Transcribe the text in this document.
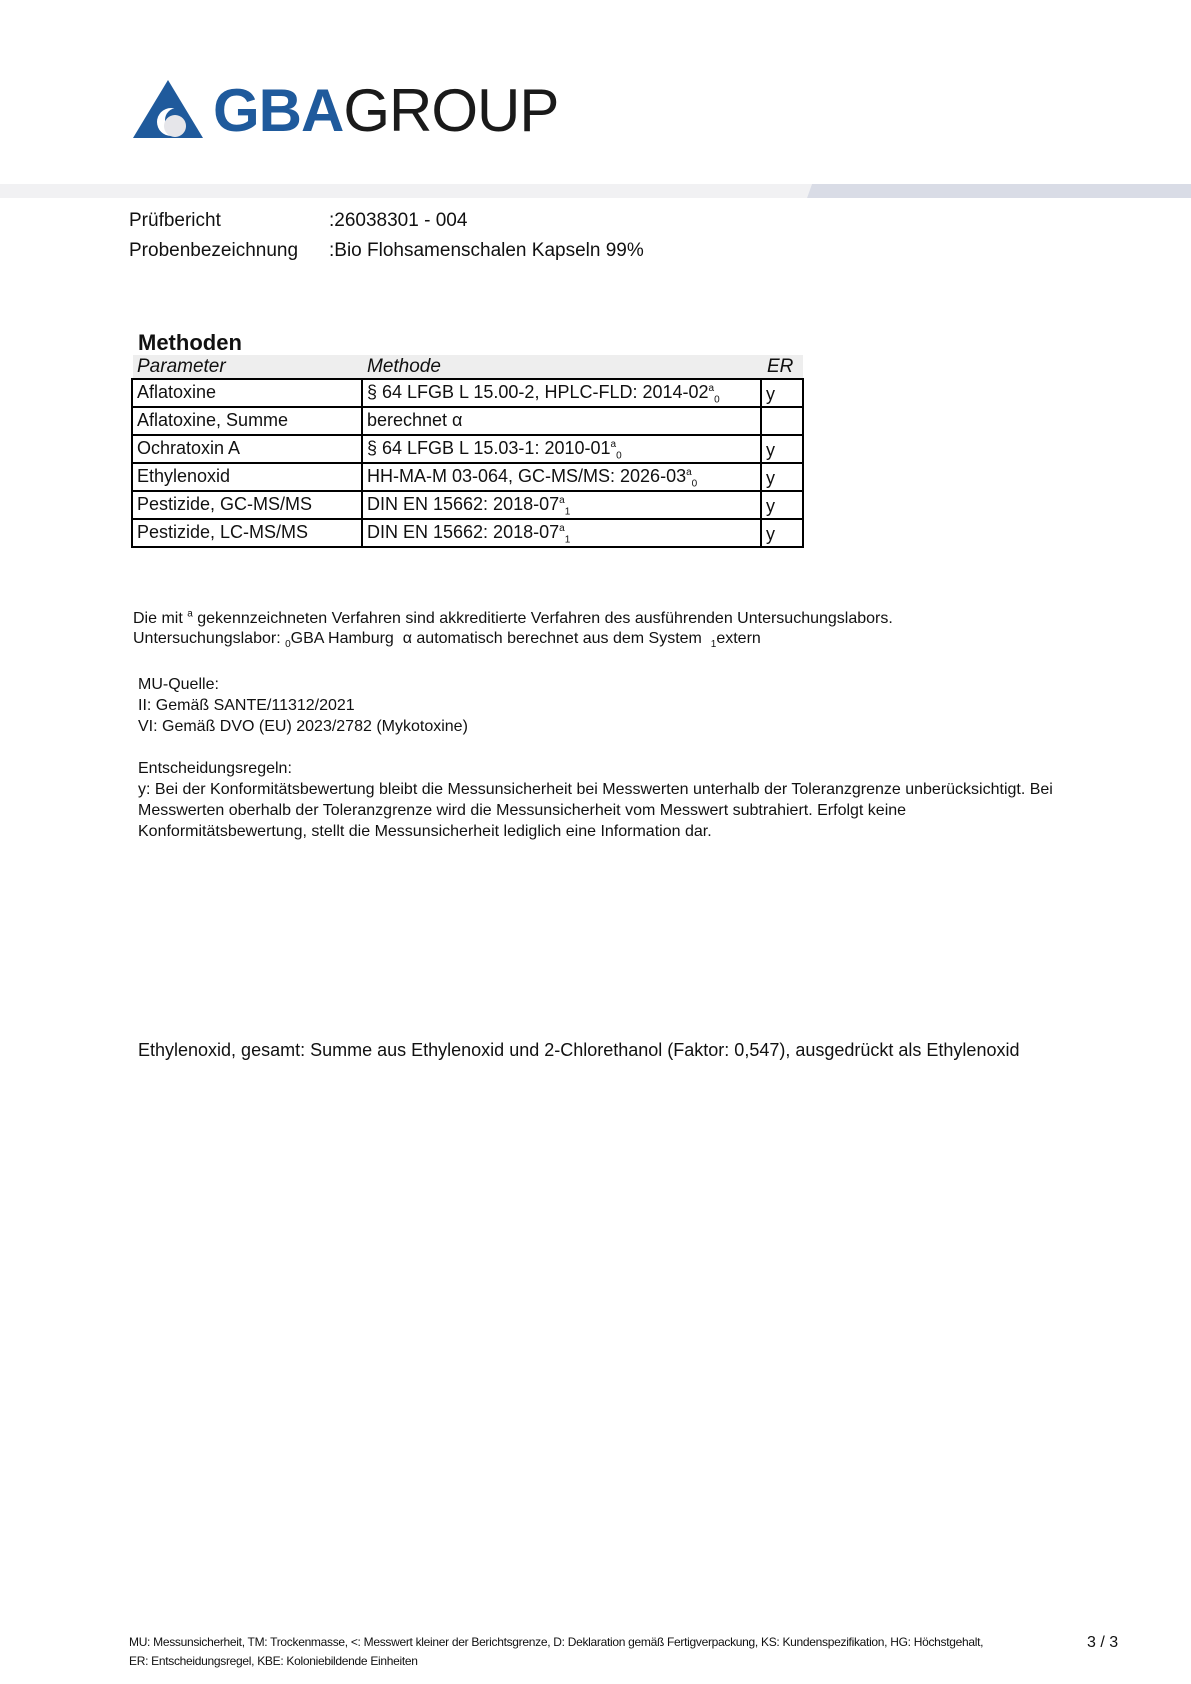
GBAGROUP
Prüfbericht	:26038301 - 004
Probenbezeichnung :Bio Flohsamenschalen Kapseln 99%
Methoden
Parameter	Methode	ER
Aflatoxine	§ 64 LFGB L 15.00-2, HPLC-FLD: $2014-02^a_0$	y
Aflatoxine, Summe	berechnet α	
Ochratoxin A	§ 64 LFGB L 15.03-1: $2010-01^a_0$	y
Ethylenoxid	HH-MA-M 03-064, GC-MS/MS: $2026-03^a_0$	y
Pestizide, GC-MS/MS	DIN EN 15662: $2018-07^a_1$	y
Pestizide, LC-MS/MS	DIN EN 15662: $2018-07^a_1$	y
Die mit $^a$ gekennzeichneten Verfahren sind akkreditierte Verfahren des ausführenden Untersuchungslabors.
Untersuchungslabor: $_0$GBA Hamburg α automatisch berechnet aus dem System $_1$extern
MU-Quelle:
II: Gemäß SANTE/11312/2021
VI: Gemäß DVO (EU) 2023/2782 (Mykotoxine)
Entscheidungsregeln:
y: Bei der Konformitätsbewertung bleibt die Messunsicherheit bei Messwerten unterhalb der Toleranzgrenze unberücksichtigt. Bei
Messwerten oberhalb der Toleranzgrenze wird die Messunsicherheit vom Messwert subtrahiert. Erfolgt keine
Konformitätsbewertung, stellt die Messunsicherheit lediglich eine Information dar.
Ethylenoxid, gesamt: Summe aus Ethylenoxid und 2-Chlorethanol (Faktor: 0,547), ausgedrückt als Ethylenoxid
MU: Messunsicherheit, TM: Trockenmasse, <: Messwert kleiner der Berichtsgrenze, D: Deklaration gemäß Fertigverpackung, KS: Kundenspezifikation, HG: Höchstgehalt,
ER: Entscheidungsregel, KBE: Koloniebildende Einheiten
3 / 3
